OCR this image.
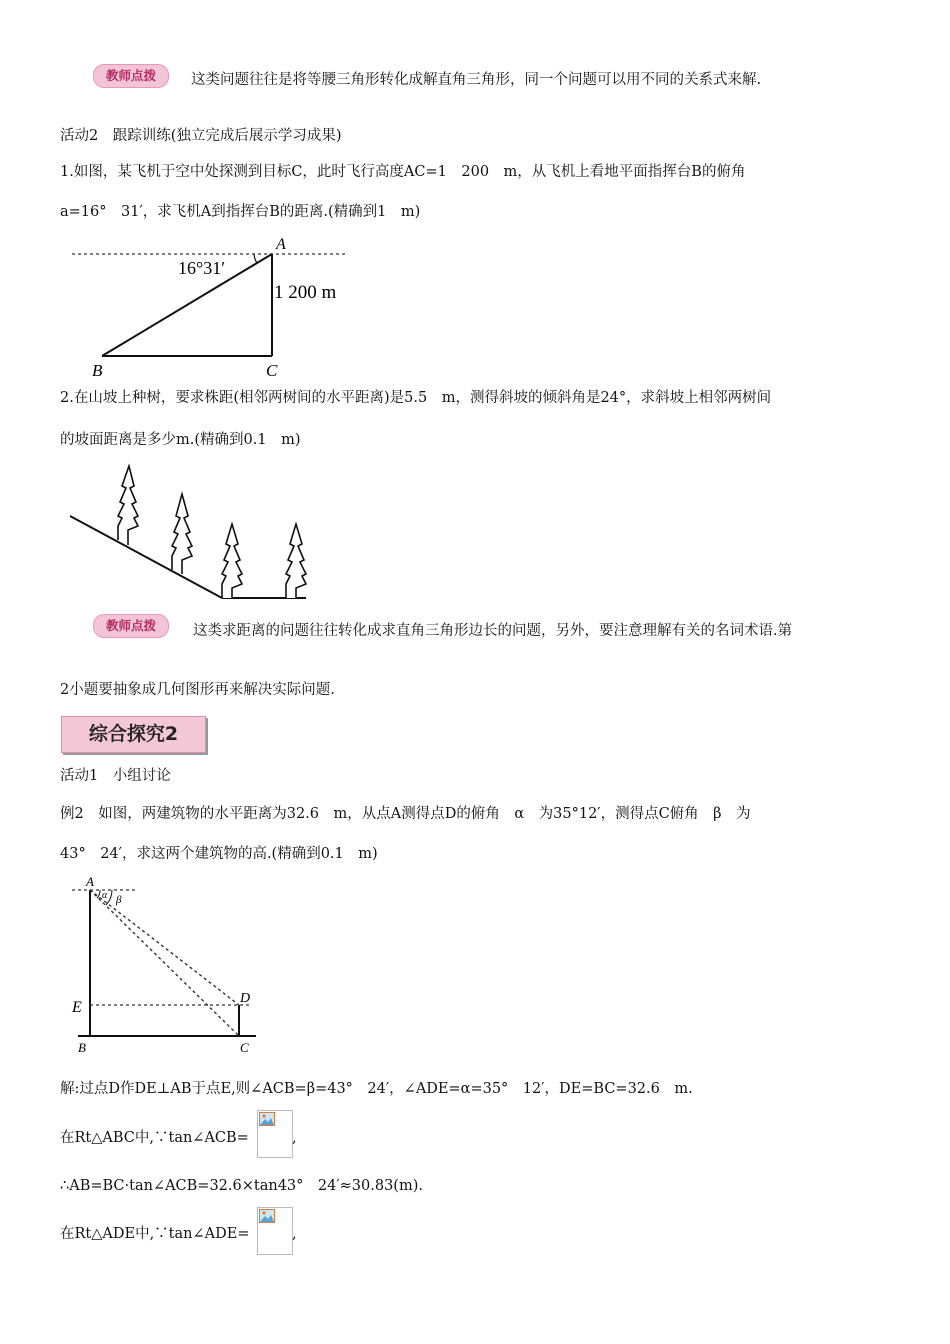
教师点拨	这类问题往往是将等腰三角形转化成解直角三角形，同一个问题可以用不同的关系式来解.
活动2　跟踪训练(独立完成后展示学习成果)
1.如图，某飞机于空中处探测到目标C，此时飞行高度AC=1　200　m，从飞机上看地平面指挥台B的俯角
a=16°　31′，求飞机A到指挥台B的距离.(精确到1　m)
A
16°31′
1 200 m
B	C
2.在山坡上种树，要求株距(相邻两树间的水平距离)是5.5　m，测得斜坡的倾斜角是24°，求斜坡上相邻两树间
的坡面距离是多少m.(精确到0.1　m)
教师点拨	这类求距离的问题往往转化成求直角三角形边长的问题，另外，要注意理解有关的名词术语.第
2小题要抽象成几何图形再来解决实际问题.
综合探究2
活动1　小组讨论
例2　如图，两建筑物的水平距离为32.6　m，从点A测得点D的俯角　α　为35°12′，测得点C俯角　β　为
43°　24′，求这两个建筑物的高.(精确到0.1　m)
A
α β
D
E
B	C
解:过点D作DE⊥AB于点E,则∠ACB=β=43°　24′，∠ADE=α=35°　12′，DE=BC=32.6　m.
在Rt△ABC中,∵tan∠ACB=	,
∴AB=BC·tan∠ACB=32.6×tan43°　24′≈30.83(m).
在Rt△ADE中,∵tan∠ADE=	,
